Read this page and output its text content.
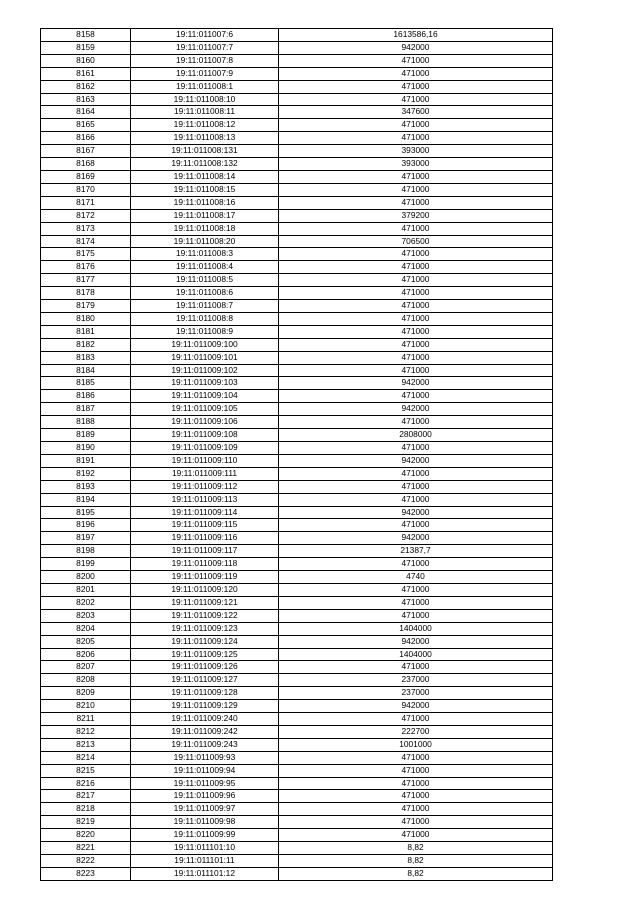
8158	19:11:011007:6	1613586,16
8159	19:11:011007:7	942000
8160	19:11:011007:8	471000
8161	19:11:011007:9	471000
8162	19:11:011008:1	471000
8163	19:11:011008:10	471000
8164	19:11:011008:11	347600
8165	19:11:011008:12	471000
8166	19:11:011008:13	471000
8167	19:11:011008:131	393000
8168	19:11:011008:132	393000
8169	19:11:011008:14	471000
8170	19:11:011008:15	471000
8171	19:11:011008:16	471000
8172	19:11:011008:17	379200
8173	19:11:011008:18	471000
8174	19:11:011008:20	706500
8175	19:11:011008:3	471000
8176	19:11:011008:4	471000
8177	19:11:011008:5	471000
8178	19:11:011008:6	471000
8179	19:11:011008:7	471000
8180	19:11:011008:8	471000
8181	19:11:011008:9	471000
8182	19:11:011009:100	471000
8183	19:11:011009:101	471000
8184	19:11:011009:102	471000
8185	19:11:011009:103	942000
8186	19:11:011009:104	471000
8187	19:11:011009:105	942000
8188	19:11:011009:106	471000
8189	19:11:011009:108	2808000
8190	19:11:011009:109	471000
8191	19:11:011009:110	942000
8192	19:11:011009:111	471000
8193	19:11:011009:112	471000
8194	19:11:011009:113	471000
8195	19:11:011009:114	942000
8196	19:11:011009:115	471000
8197	19:11:011009:116	942000
8198	19:11:011009:117	21387,7
8199	19:11:011009:118	471000
8200	19:11:011009:119	4740
8201	19:11:011009:120	471000
8202	19:11:011009:121	471000
8203	19:11:011009:122	471000
8204	19:11:011009:123	1404000
8205	19:11:011009:124	942000
8206	19:11:011009:125	1404000
8207	19:11:011009:126	471000
8208	19:11:011009:127	237000
8209	19:11:011009:128	237000
8210	19:11:011009:129	942000
8211	19:11:011009:240	471000
8212	19:11:011009:242	222700
8213	19:11:011009:243	1001000
8214	19:11:011009:93	471000
8215	19:11:011009:94	471000
8216	19:11:011009:95	471000
8217	19:11:011009:96	471000
8218	19:11:011009:97	471000
8219	19:11:011009:98	471000
8220	19:11:011009:99	471000
8221	19:11:011101:10	8,82
8222	19:11:011101:11	8,82
8223	19:11:011101:12	8,82
